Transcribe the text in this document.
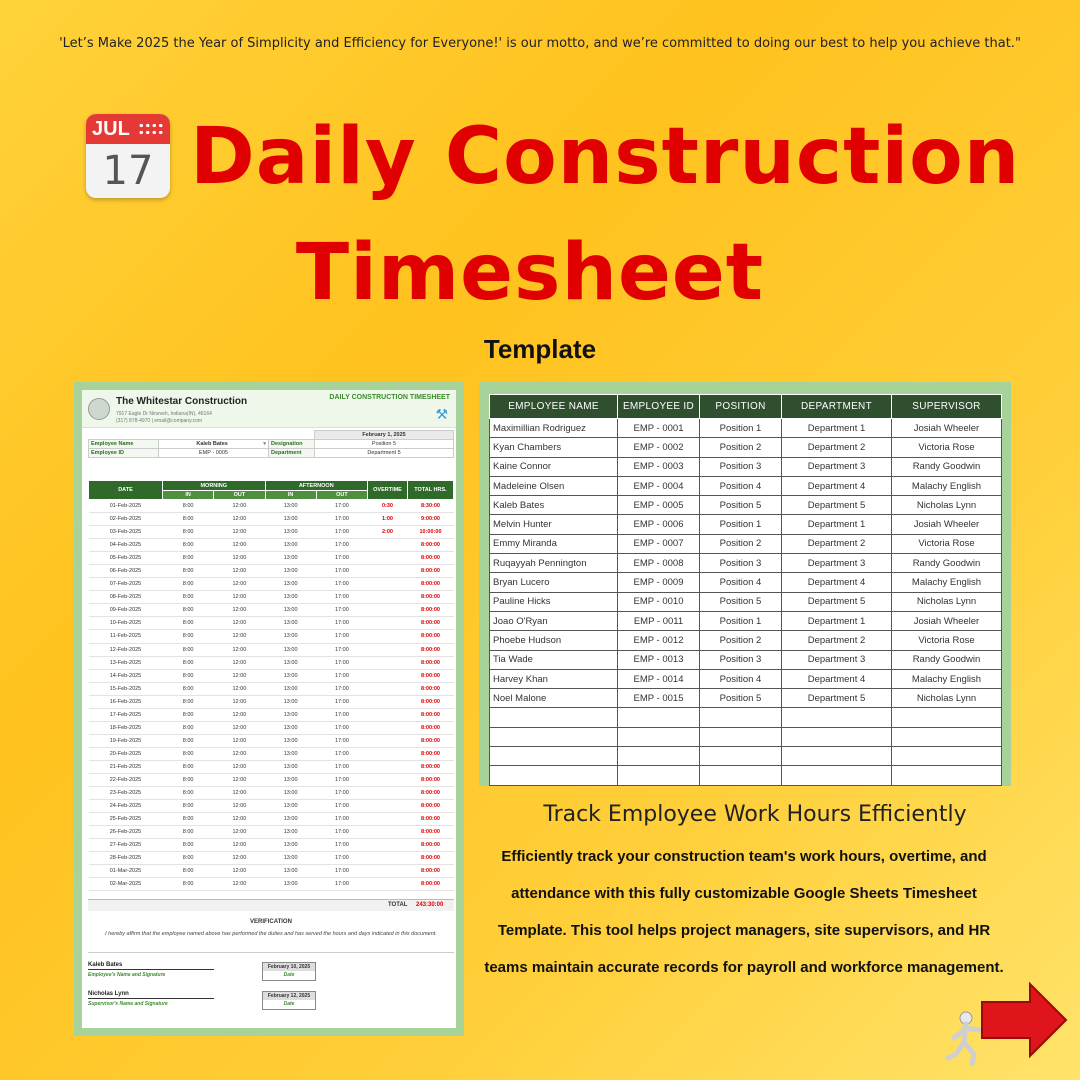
'Let’s Make 2025 the Year of Simplicity and Efficiency for Everyone!' is our motto, and we’re committed to doing our best to help you achieve that."
JUL
17 Daily Construction
Timesheet
Template
The Whitestar Construction
7917 Eagle Dr Nineveh, Indiana(IN), 46164
(317) 878-4970 | email@company.com
DAILY CONSTRUCTION TIMESHEET
⚒
			February 1, 2025
Employee Name	Kaleb Bates ▾	Designation	Position 5
Employee ID	EMP - 0005	Department	Department 5
DATE	MORNING		AFTERNOON		OVERTIME	TOTAL HRS.
	IN	OUT	IN	OUT		
01-Feb-2025	8:00	12:00	13:00	17:00	0:30	8:30:00
02-Feb-2025	8:00	12:00	13:00	17:00	1:00	9:00:00
03-Feb-2025	8:00	12:00	13:00	17:00	2:00	10:00:00
04-Feb-2025	8:00	12:00	13:00	17:00		8:00:00
05-Feb-2025	8:00	12:00	13:00	17:00		8:00:00
06-Feb-2025	8:00	12:00	13:00	17:00		8:00:00
07-Feb-2025	8:00	12:00	13:00	17:00		8:00:00
08-Feb-2025	8:00	12:00	13:00	17:00		8:00:00
09-Feb-2025	8:00	12:00	13:00	17:00		8:00:00
10-Feb-2025	8:00	12:00	13:00	17:00		8:00:00
11-Feb-2025	8:00	12:00	13:00	17:00		8:00:00
12-Feb-2025	8:00	12:00	13:00	17:00		8:00:00
13-Feb-2025	8:00	12:00	13:00	17:00		8:00:00
14-Feb-2025	8:00	12:00	13:00	17:00		8:00:00
15-Feb-2025	8:00	12:00	13:00	17:00		8:00:00
16-Feb-2025	8:00	12:00	13:00	17:00		8:00:00
17-Feb-2025	8:00	12:00	13:00	17:00		8:00:00
18-Feb-2025	8:00	12:00	13:00	17:00		8:00:00
19-Feb-2025	8:00	12:00	13:00	17:00		8:00:00
20-Feb-2025	8:00	12:00	13:00	17:00		8:00:00
21-Feb-2025	8:00	12:00	13:00	17:00		8:00:00
22-Feb-2025	8:00	12:00	13:00	17:00		8:00:00
23-Feb-2025	8:00	12:00	13:00	17:00		8:00:00
24-Feb-2025	8:00	12:00	13:00	17:00		8:00:00
25-Feb-2025	8:00	12:00	13:00	17:00		8:00:00
26-Feb-2025	8:00	12:00	13:00	17:00		8:00:00
27-Feb-2025	8:00	12:00	13:00	17:00		8:00:00
28-Feb-2025	8:00	12:00	13:00	17:00		8:00:00
01-Mar-2025	8:00	12:00	13:00	17:00		8:00:00
02-Mar-2025	8:00	12:00	13:00	17:00		8:00:00
TOTAL 243:30:00
VERIFICATION
I hereby affirm that the employee named above has performed the duties and has served the hours and days indicated in this document.
Kaleb Bates
Employee's Name and Signature
February 10, 2025
Date
Nicholas Lynn
Supervisor's Name and Signature
February 12, 2025
Date
EMPLOYEE NAME	EMPLOYEE ID	POSITION	DEPARTMENT	SUPERVISOR
Maximillian Rodriguez	EMP - 0001	Position 1	Department 1	Josiah Wheeler
Kyan Chambers	EMP - 0002	Position 2	Department 2	Victoria Rose
Kaine Connor	EMP - 0003	Position 3	Department 3	Randy Goodwin
Madeleine Olsen	EMP - 0004	Position 4	Department 4	Malachy English
Kaleb Bates	EMP - 0005	Position 5	Department 5	Nicholas Lynn
Melvin Hunter	EMP - 0006	Position 1	Department 1	Josiah Wheeler
Emmy Miranda	EMP - 0007	Position 2	Department 2	Victoria Rose
Ruqayyah Pennington	EMP - 0008	Position 3	Department 3	Randy Goodwin
Bryan Lucero	EMP - 0009	Position 4	Department 4	Malachy English
Pauline Hicks	EMP - 0010	Position 5	Department 5	Nicholas Lynn
Joao O'Ryan	EMP - 0011	Position 1	Department 1	Josiah Wheeler
Phoebe Hudson	EMP - 0012	Position 2	Department 2	Victoria Rose
Tia Wade	EMP - 0013	Position 3	Department 3	Randy Goodwin
Harvey Khan	EMP - 0014	Position 4	Department 4	Malachy English
Noel Malone	EMP - 0015	Position 5	Department 5	Nicholas Lynn

Track Employee Work Hours Efficiently
Efficiently track your construction team's work hours, overtime, and attendance with this fully customizable Google Sheets Timesheet Template. This tool helps project managers, site supervisors, and HR teams maintain accurate records for payroll and workforce management.
